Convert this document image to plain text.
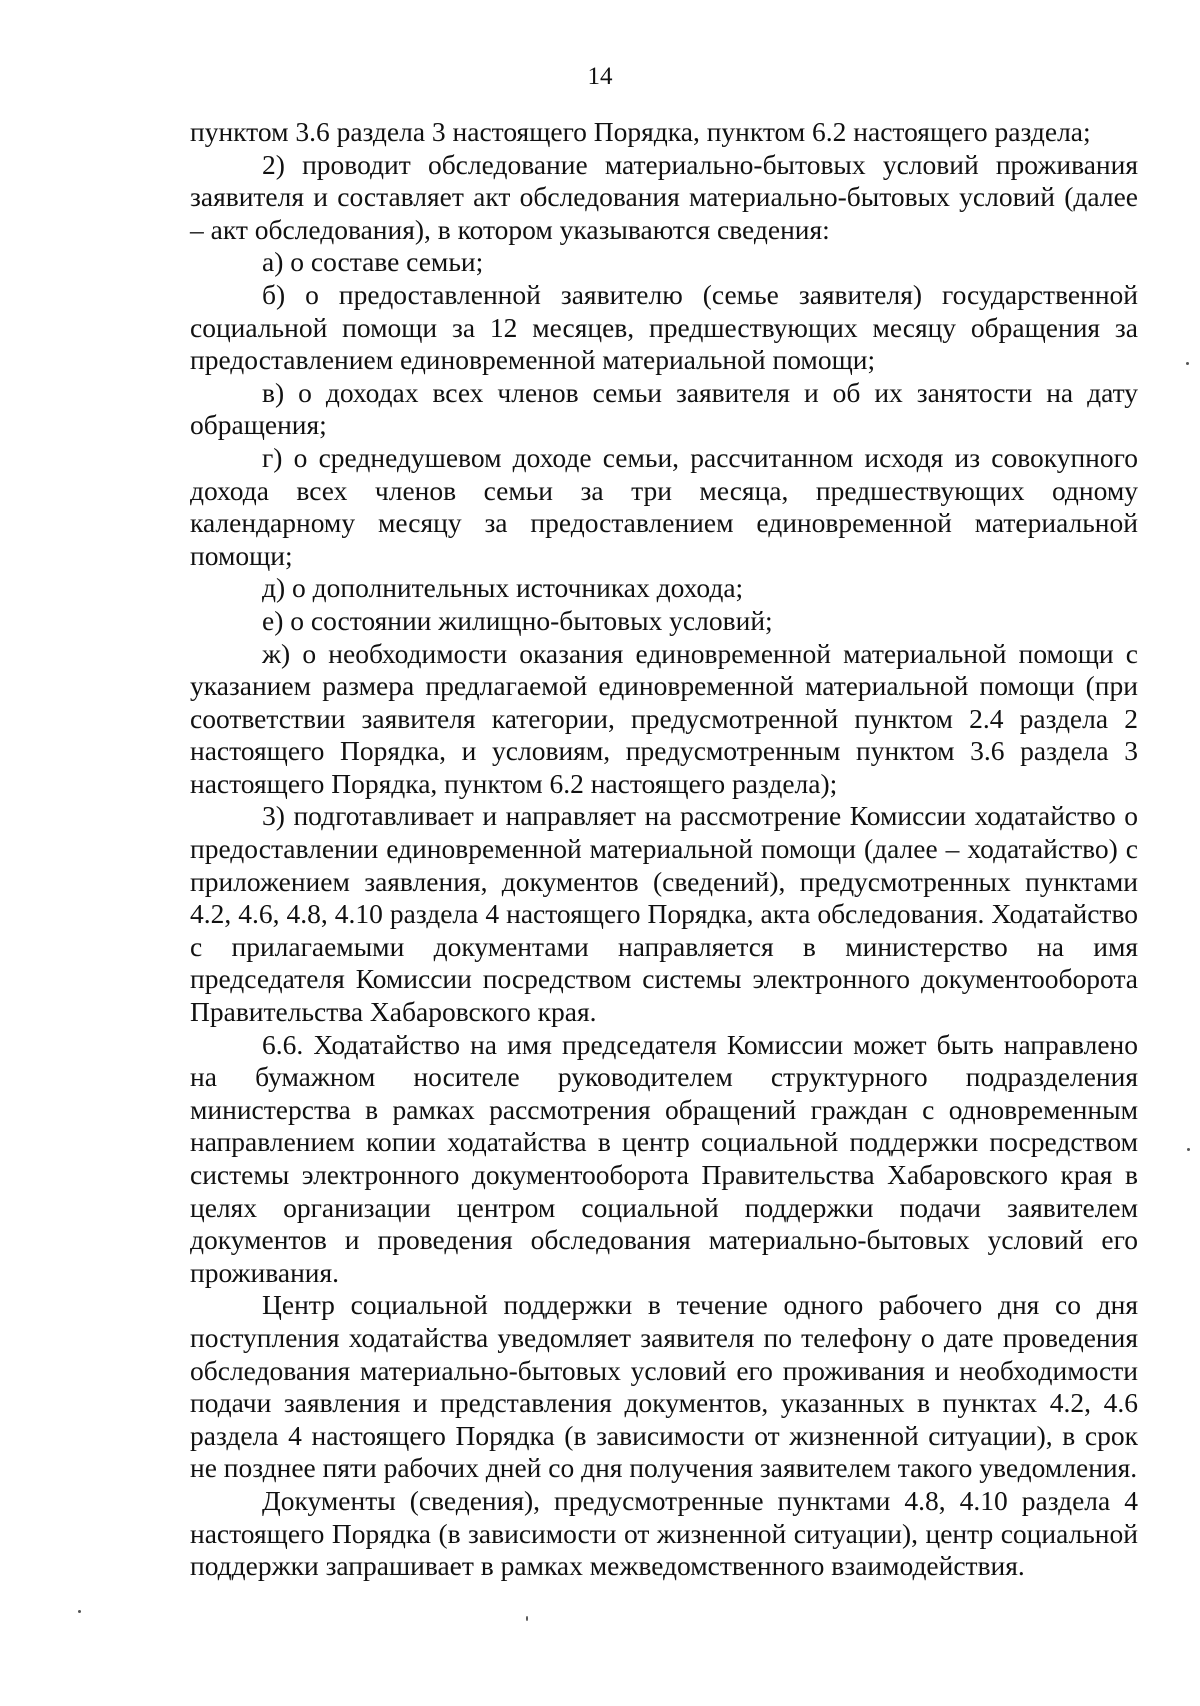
14

пунктом 3.6 раздела 3 настоящего Порядка, пунктом 6.2 настоящего раздела;

2) проводит обследование материально-бытовых условий проживания заявителя и составляет акт обследования материально-бытовых условий (далее – акт обследования), в котором указываются сведения:

а) о составе семьи;

б) о предоставленной заявителю (семье заявителя) государственной социальной помощи за 12 месяцев, предшествующих месяцу обращения за предоставлением единовременной материальной помощи;

в) о доходах всех членов семьи заявителя и об их занятости на дату обращения;

г) о среднедушевом доходе семьи, рассчитанном исходя из совокупного дохода всех членов семьи за три месяца, предшествующих одному календарному месяцу за предоставлением единовременной материальной помощи;

д) о дополнительных источниках дохода;

е) о состоянии жилищно-бытовых условий;

ж) о необходимости оказания единовременной материальной помощи с указанием размера предлагаемой единовременной материальной помощи (при соответствии заявителя категории, предусмотренной пунктом 2.4 раздела 2 настоящего Порядка, и условиям, предусмотренным пунктом 3.6 раздела 3 настоящего Порядка, пунктом 6.2 настоящего раздела);

3) подготавливает и направляет на рассмотрение Комиссии ходатайство о предоставлении единовременной материальной помощи (далее – ходатайство) с приложением заявления, документов (сведений), предусмотренных пунктами 4.2, 4.6, 4.8, 4.10 раздела 4 настоящего Порядка, акта обследования. Ходатайство с прилагаемыми документами направляется в министерство на имя председателя Комиссии посредством системы электронного документооборота Правительства Хабаровского края.

6.6. Ходатайство на имя председателя Комиссии может быть направлено на бумажном носителе руководителем структурного подразделения министерства в рамках рассмотрения обращений граждан с одновременным направлением копии ходатайства в центр социальной поддержки посредством системы электронного документооборота Правительства Хабаровского края в целях организации центром социальной поддержки подачи заявителем документов и проведения обследования материально-бытовых условий его проживания.

Центр социальной поддержки в течение одного рабочего дня со дня поступления ходатайства уведомляет заявителя по телефону о дате проведения обследования материально-бытовых условий его проживания и необходимости подачи заявления и представления документов, указанных в пунктах 4.2, 4.6 раздела 4 настоящего Порядка (в зависимости от жизненной ситуации), в срок не позднее пяти рабочих дней со дня получения заявителем такого уведомления.

Документы (сведения), предусмотренные пунктами 4.8, 4.10 раздела 4 настоящего Порядка (в зависимости от жизненной ситуации), центр социальной поддержки запрашивает в рамках межведомственного взаимодействия.
